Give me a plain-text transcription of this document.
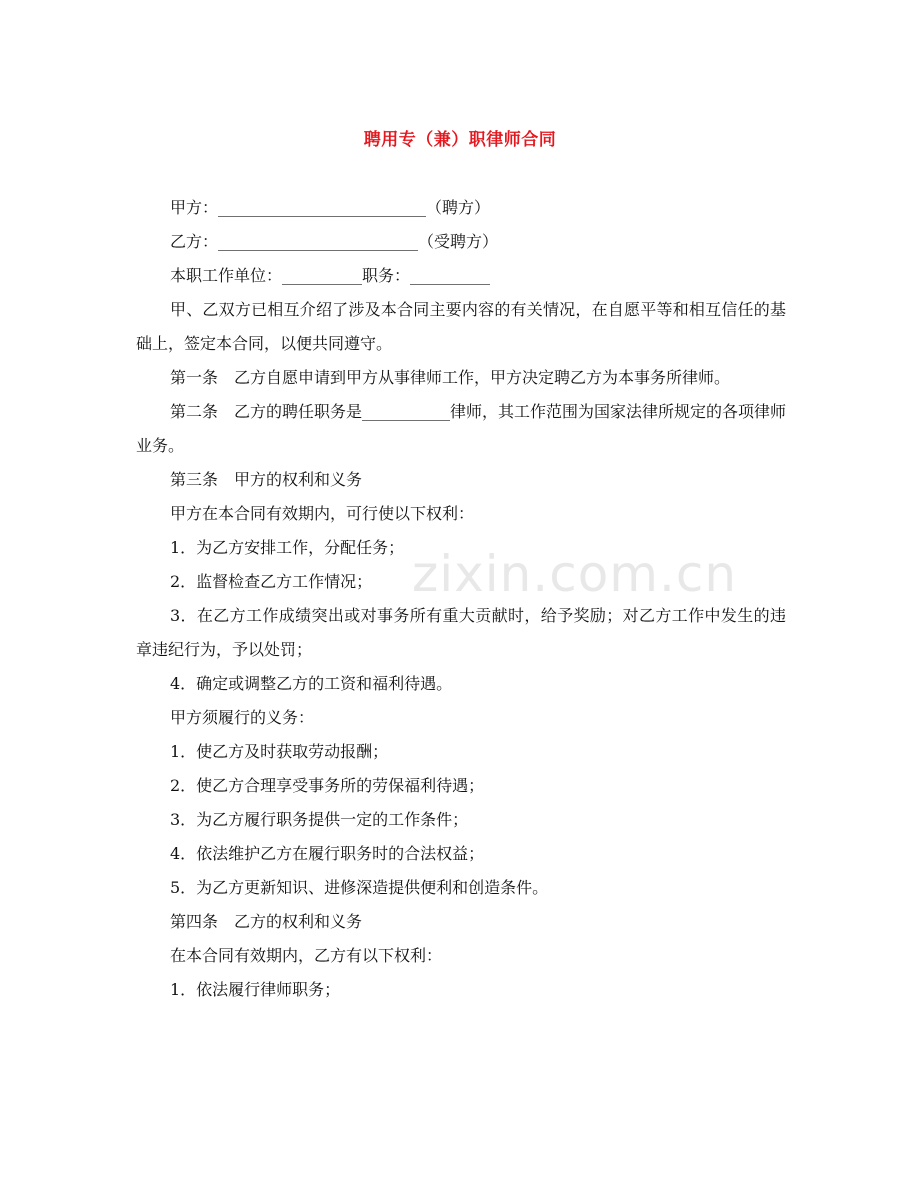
聘用专（兼）职律师合同
甲方：__________________________（聘方）
乙方：_________________________（受聘方）
本职工作单位：__________职务：__________
甲、乙双方已相互介绍了涉及本合同主要内容的有关情况，在自愿平等和相互信任的基础上，签定本合同，以便共同遵守。
第一条　乙方自愿申请到甲方从事律师工作，甲方决定聘乙方为本事务所律师。
第二条　乙方的聘任职务是___________律师，其工作范围为国家法律所规定的各项律师业务。
第三条　甲方的权利和义务
甲方在本合同有效期内，可行使以下权利：
1．为乙方安排工作，分配任务；
2．监督检查乙方工作情况；
3．在乙方工作成绩突出或对事务所有重大贡献时，给予奖励；对乙方工作中发生的违章违纪行为，予以处罚；
4．确定或调整乙方的工资和福利待遇。
甲方须履行的义务：
1．使乙方及时获取劳动报酬；
2．使乙方合理享受事务所的劳保福利待遇；
3．为乙方履行职务提供一定的工作条件；
4．依法维护乙方在履行职务时的合法权益；
5．为乙方更新知识、进修深造提供便利和创造条件。
第四条　乙方的权利和义务
在本合同有效期内，乙方有以下权利：
1．依法履行律师职务；
zixin.com.cn
